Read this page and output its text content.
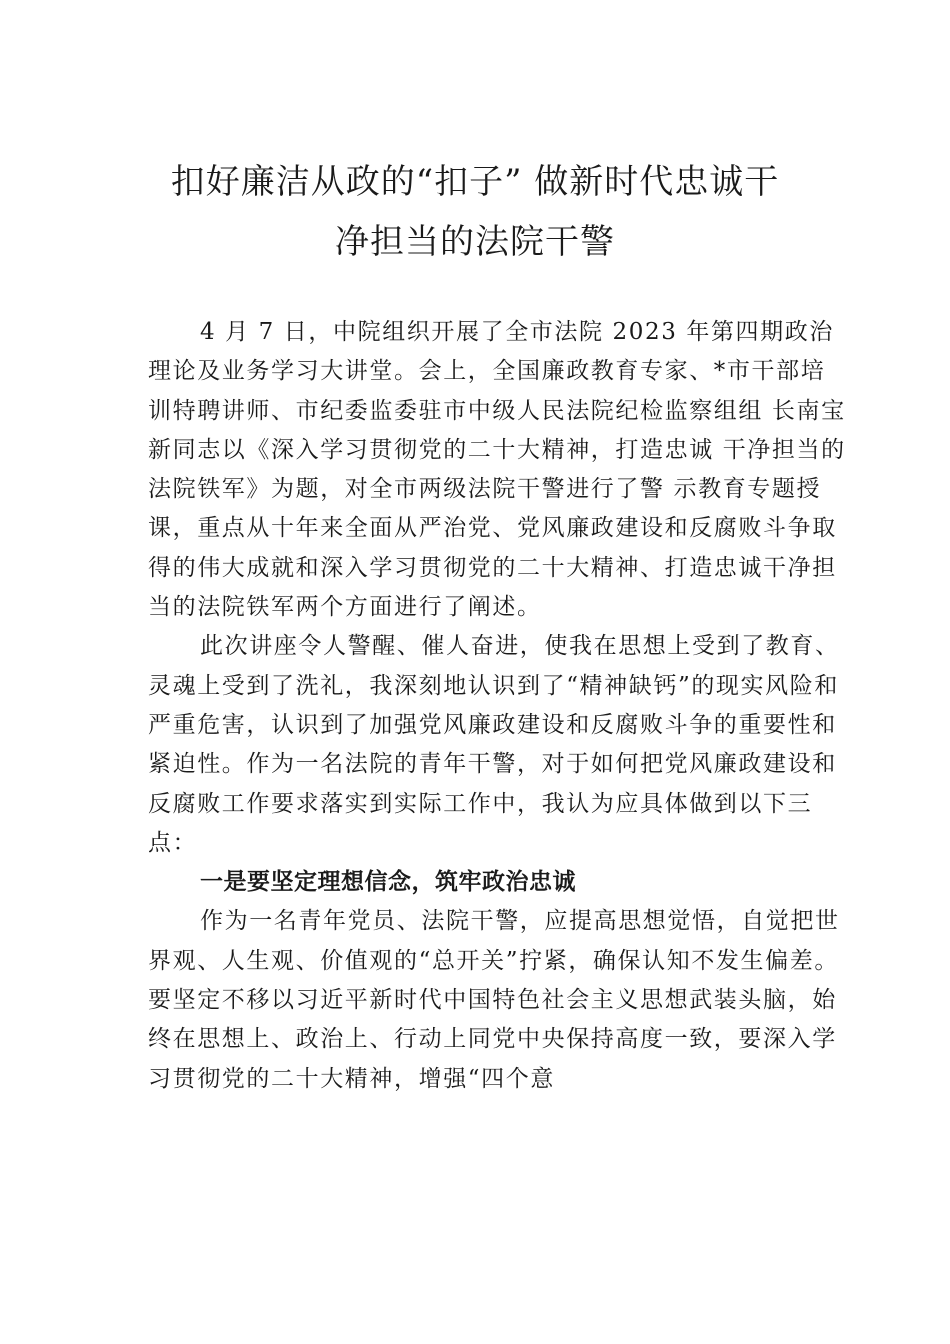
扣好廉洁从政的“扣子” 做新时代忠诚干
净担当的法院干警

4 月 7 日，中院组织开展了全市法院 2023 年第四期政治理论及业务学习大讲堂。会上，全国廉政教育专家、*市干部培训特聘讲师、市纪委监委驻市中级人民法院纪检监察组组 长南宝新同志以《深入学习贯彻党的二十大精神，打造忠诚 干净担当的法院铁军》为题，对全市两级法院干警进行了警 示教育专题授课，重点从十年来全面从严治党、党风廉政建设和反腐败斗争取得的伟大成就和深入学习贯彻党的二十大精神、打造忠诚干净担当的法院铁军两个方面进行了阐述。

此次讲座令人警醒、催人奋进，使我在思想上受到了教育、灵魂上受到了洗礼，我深刻地认识到了“精神缺钙”的现实风险和严重危害，认识到了加强党风廉政建设和反腐败斗争的重要性和紧迫性。作为一名法院的青年干警，对于如何把党风廉政建设和反腐败工作要求落实到实际工作中，我认为应具体做到以下三点：

一是要坚定理想信念，筑牢政治忠诚

作为一名青年党员、法院干警，应提高思想觉悟，自觉把世界观、人生观、价值观的“总开关”拧紧，确保认知不发生偏差。要坚定不移以习近平新时代中国特色社会主义思想武装头脑，始终在思想上、政治上、行动上同党中央保持高度一致，要深入学习贯彻党的二十大精神，增强“四个意
